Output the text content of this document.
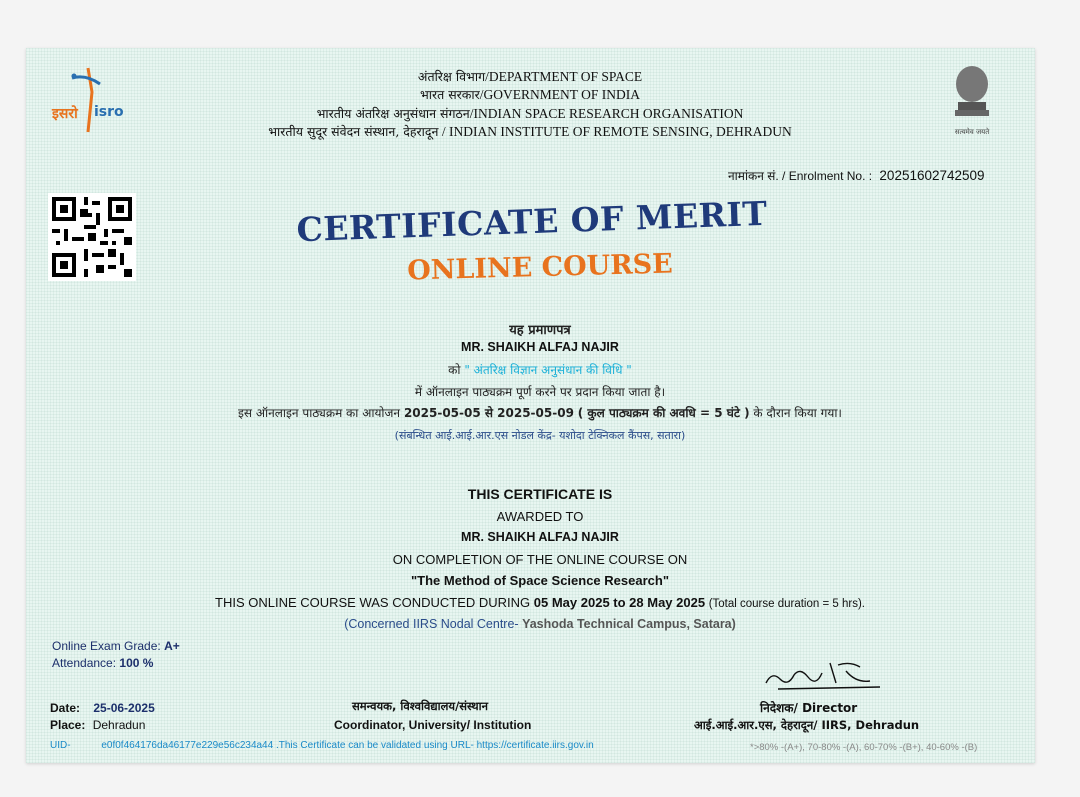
इसरो isro
अंतरिक्ष विभाग/DEPARTMENT OF SPACE
भारत सरकार/GOVERNMENT OF INDIA
भारतीय अंतरिक्ष अनुसंधान संगठन/INDIAN SPACE RESEARCH ORGANISATION
भारतीय सुदूर संवेदन संस्थान, देहरादून / INDIAN INSTITUTE OF REMOTE SENSING, DEHRADUN	सत्यमेव जयते
नामांकन सं. / Enrolment No. : 20251602742509
CERTIFICATE OF MERIT
ONLINE COURSE
यह प्रमाणपत्र
MR. SHAIKH ALFAJ NAJIR
को " अंतरिक्ष विज्ञान अनुसंधान की विधि "
में ऑनलाइन पाठ्यक्रम पूर्ण करने पर प्रदान किया जाता है।
इस ऑनलाइन पाठ्यक्रम का आयोजन 2025-05-05 से 2025-05-09 ( कुल पाठ्यक्रम की अवधि = 5 घंटे ) के दौरान किया गया।
(संबन्धित आई.आई.आर.एस नोडल केंद्र- यशोदा टेक्निकल कैंपस, सतारा)
THIS CERTIFICATE IS
AWARDED TO
MR. SHAIKH ALFAJ NAJIR
ON COMPLETION OF THE ONLINE COURSE ON
"The Method of Space Science Research"
THIS ONLINE COURSE WAS CONDUCTED DURING 05 May 2025 to 28 May 2025 (Total course duration = 5 hrs).
(Concerned IIRS Nodal Centre- Yashoda Technical Campus, Satara)
Online Exam Grade: A+
Attendance: 100 %
Date: 25-06-2025
Place: Dehradun
समन्वयक, विश्वविद्यालय/संस्थान
Coordinator, University/ Institution
निदेशक/ Director
आई.आई.आर.एस, देहरादून/ IIRS, Dehradun
UID-	e0f0f464176da46177e229e56c234a44 .This Certificate can be validated using URL- https://certificate.iirs.gov.in	*>80% -(A+), 70-80% -(A), 60-70% -(B+), 40-60% -(B)
